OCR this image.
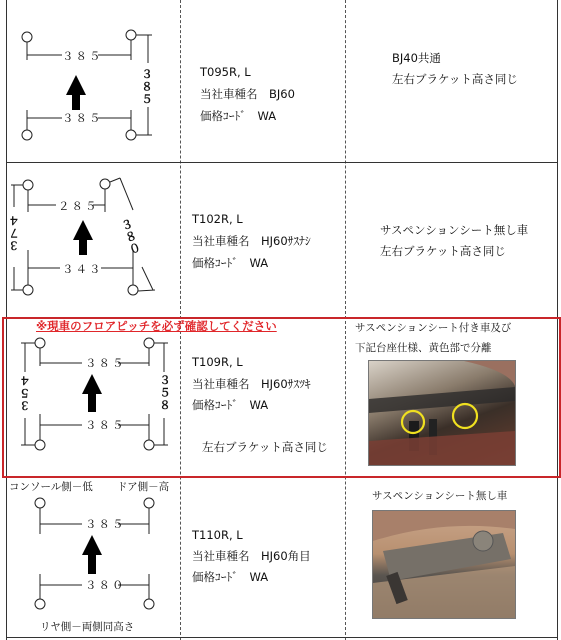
３８５
３８５
３８５	T095R, L
当社車種名　BJ60
価格ｺｰﾄﾞ　WA
BJ40共通
左右ブラケット高さ同じ
２８５
３４３
３７４	３８０	T102R, L
当社車種名　HJ60ｻｽﾅｼ
価格ｺｰﾄﾞ　WA
サスペンションシート無し車
左右ブラケット高さ同じ
※現車のフロアピッチを必ず確認してください
３８５
３８５
３５４	３５８
T109R, L
当社車種名　HJ60ｻｽﾂｷ
価格ｺｰﾄﾞ　WA
左右ブラケット高さ同じ
サスペンションシート付き車及び
下記台座仕様、黄色部で分離
コンソール側－低 ドア側－高
３８５
３８０
リヤ側－両側同高さ
T110R, L
当社車種名　HJ60角目
価格ｺｰﾄﾞ　WA
サスペンションシート無し車
